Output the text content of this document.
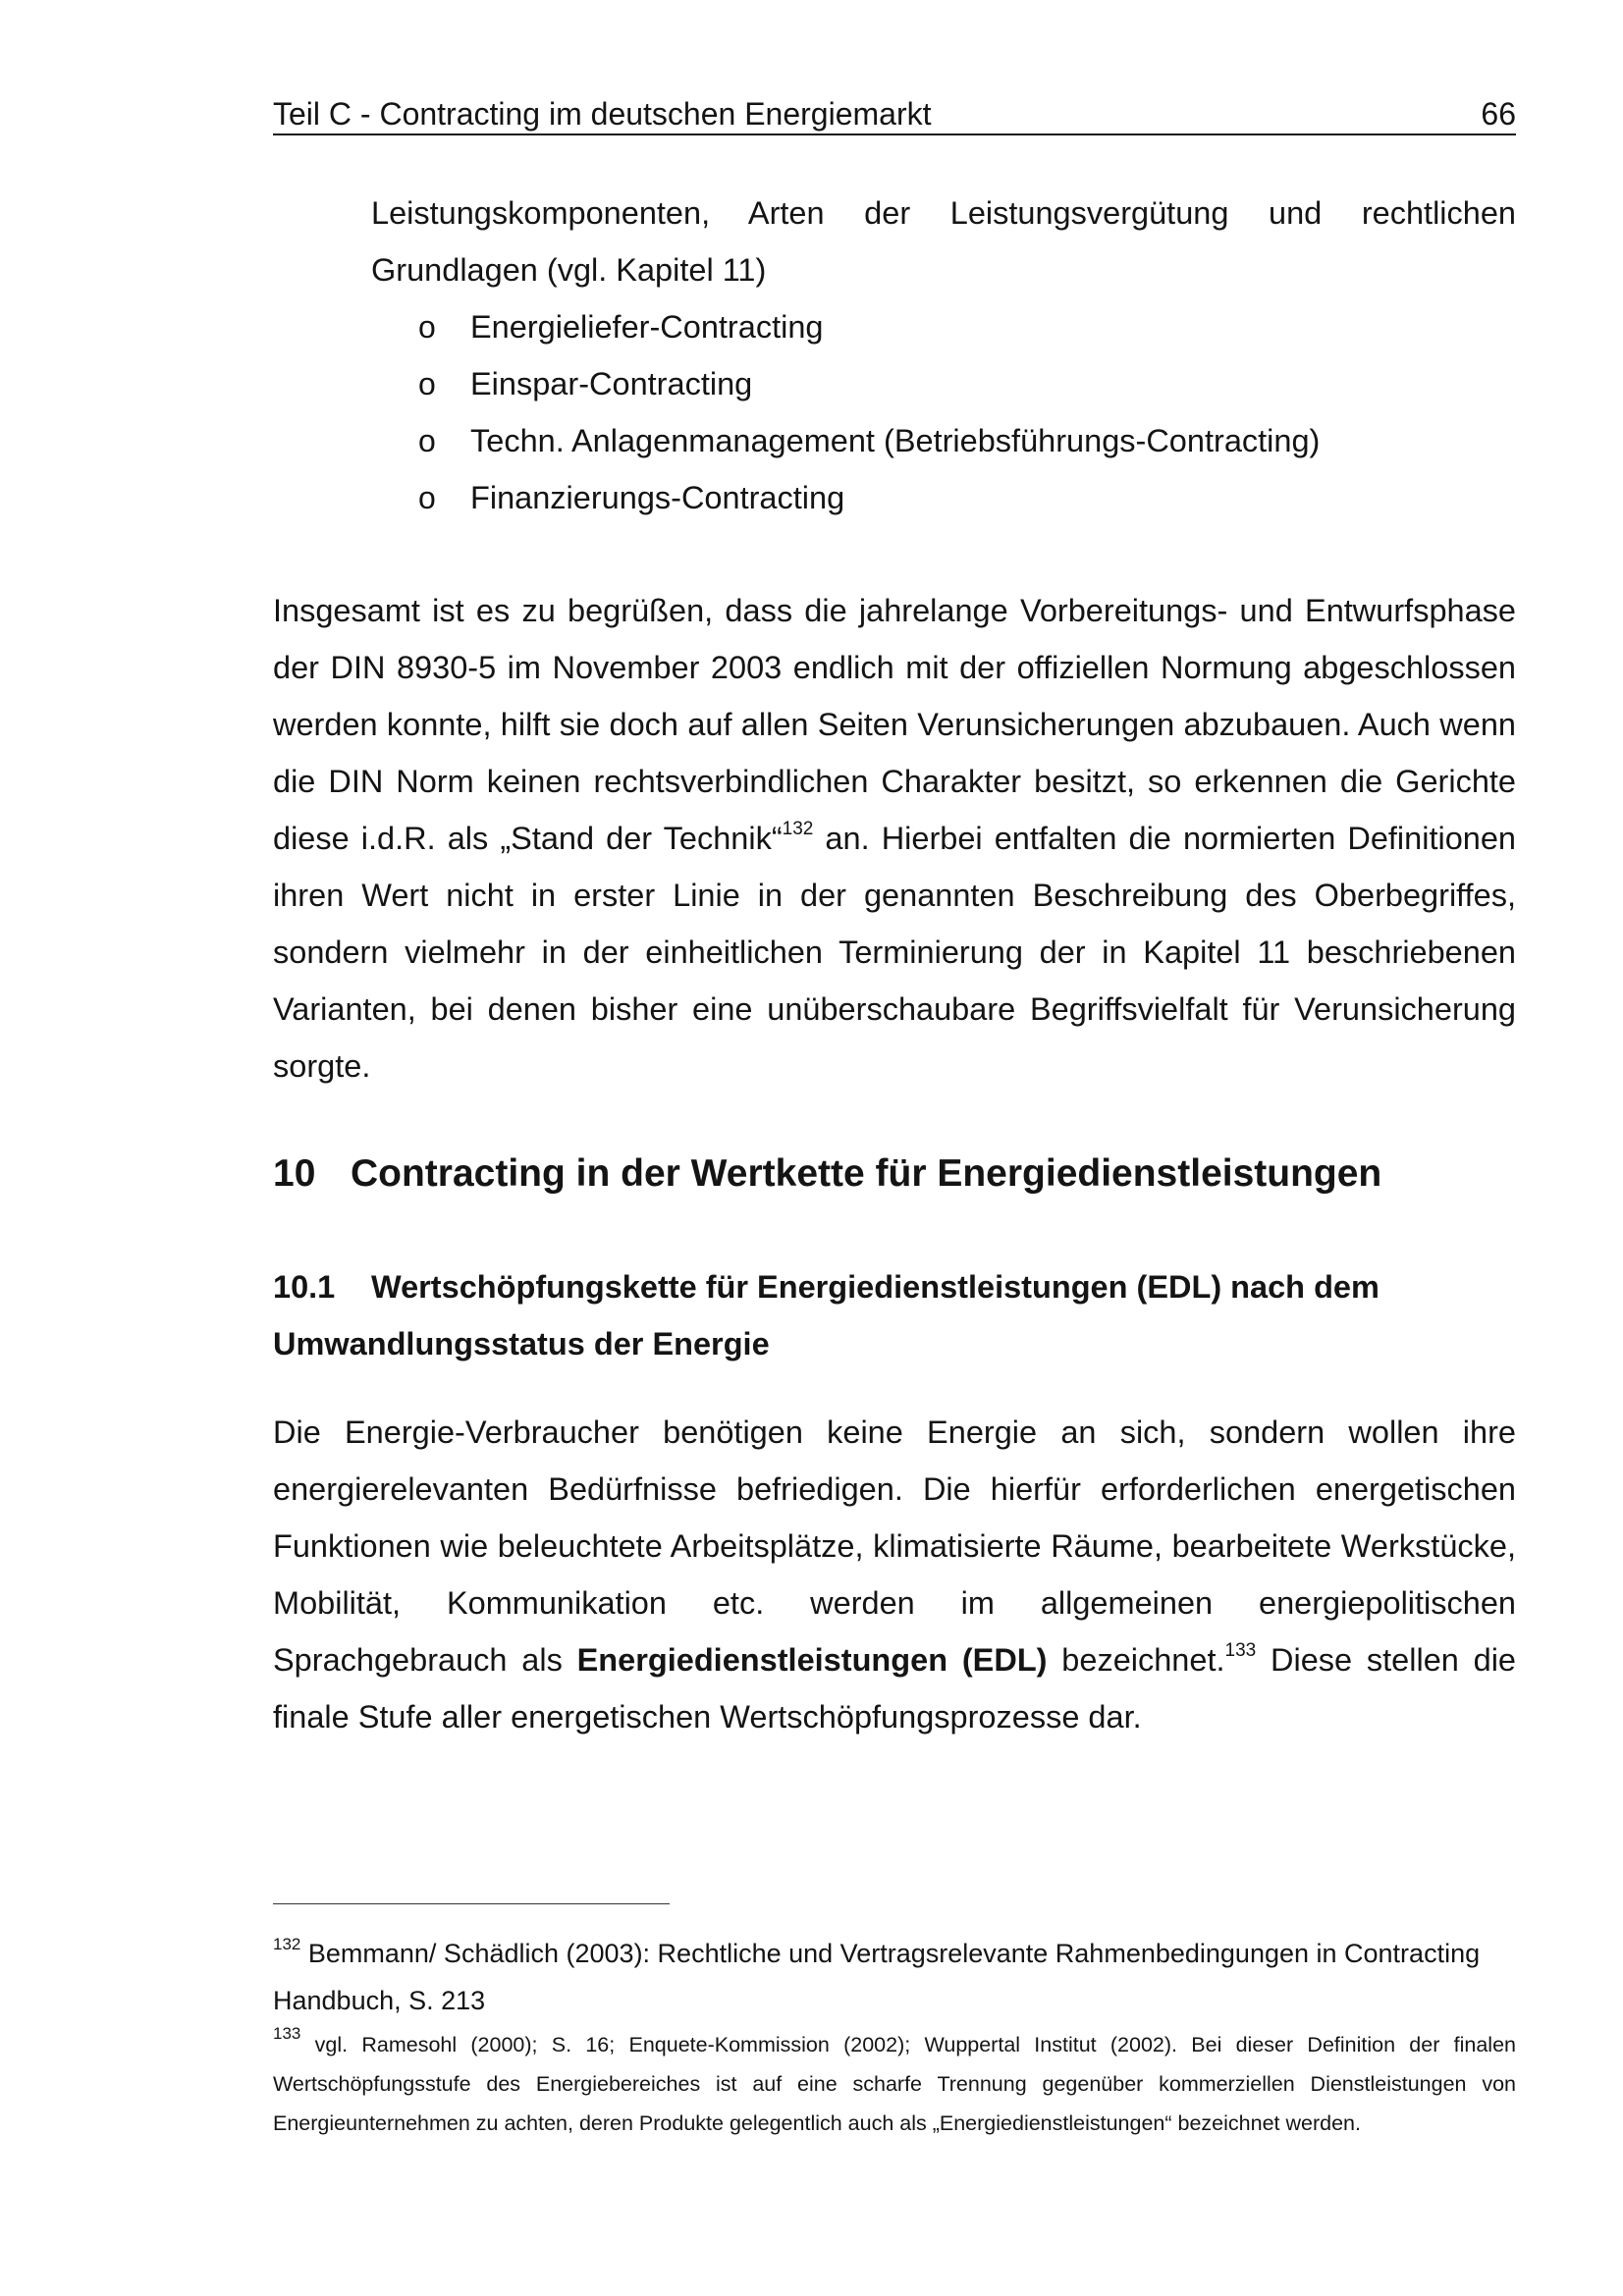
Teil C - Contracting im deutschen Energiemarkt	66

Leistungskomponenten, Arten der Leistungsvergütung und rechtlichen Grundlagen (vgl. Kapitel 11)

o Energieliefer-Contracting
o Einspar-Contracting
o Techn. Anlagenmanagement (Betriebsführungs-Contracting)
o Finanzierungs-Contracting

Insgesamt ist es zu begrüßen, dass die jahrelange Vorbereitungs- und Entwurfsphase der DIN 8930-5 im November 2003 endlich mit der offiziellen Normung abgeschlossen werden konnte, hilft sie doch auf allen Seiten Verunsicherungen abzubauen. Auch wenn die DIN Norm keinen rechtsverbindlichen Charakter besitzt, so erkennen die Gerichte diese i.d.R. als „Stand der Technik“$^{132}$ an. Hierbei entfalten die normierten Definitionen ihren Wert nicht in erster Linie in der genannten Beschreibung des Oberbegriffes, sondern vielmehr in der einheitlichen Terminierung der in Kapitel 11 beschriebenen Varianten, bei denen bisher eine unüberschaubare Begriffsvielfalt für Verunsicherung sorgte.

10 Contracting in der Wertkette für Energiedienstleistungen
10.1 Wertschöpfungskette für Energiedienstleistungen (EDL) nach dem Umwandlungsstatus der Energie

Die Energie-Verbraucher benötigen keine Energie an sich, sondern wollen ihre energierelevanten Bedürfnisse befriedigen. Die hierfür erforderlichen energetischen Funktionen wie beleuchtete Arbeitsplätze, klimatisierte Räume, bearbeitete Werkstücke, Mobilität, Kommunikation etc. werden im allgemeinen energiepolitischen Sprachgebrauch als Energiedienstleistungen (EDL) bezeichnet.$^{133}$ Diese stellen die finale Stufe aller energetischen Wertschöpfungsprozesse dar.

$^{132}$ Bemmann/ Schädlich (2003): Rechtliche und Vertragsrelevante Rahmenbedingungen in Contracting Handbuch, S. 213

$^{133}$ vgl. Ramesohl (2000); S. 16; Enquete-Kommission (2002); Wuppertal Institut (2002). Bei dieser Definition der finalen Wertschöpfungsstufe des Energiebereiches ist auf eine scharfe Trennung gegenüber kommerziellen Dienstleistungen von Energieunternehmen zu achten, deren Produkte gelegentlich auch als „Energiedienstleistungen“ bezeichnet werden.
